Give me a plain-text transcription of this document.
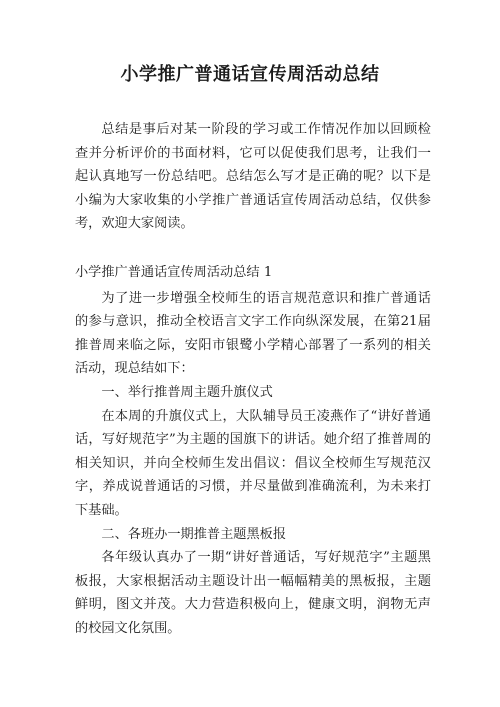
小学推广普通话宣传周活动总结

总结是事后对某一阶段的学习或工作情况作加以回顾检查并分析评价的书面材料，它可以促使我们思考，让我们一起认真地写一份总结吧。总结怎么写才是正确的呢？以下是小编为大家收集的小学推广普通话宣传周活动总结，仅供参考，欢迎大家阅读。

小学推广普通话宣传周活动总结 1

为了进一步增强全校师生的语言规范意识和推广普通话的参与意识，推动全校语言文字工作向纵深发展，在第21届推普周来临之际，安阳市银鹭小学精心部署了一系列的相关活动，现总结如下：

一、举行推普周主题升旗仪式

在本周的升旗仪式上，大队辅导员王凌燕作了“讲好普通话，写好规范字”为主题的国旗下的讲话。她介绍了推普周的相关知识，并向全校师生发出倡议：倡议全校师生写规范汉字，养成说普通话的习惯，并尽量做到准确流利，为未来打下基础。

二、各班办一期推普主题黑板报

各年级认真办了一期“讲好普通话，写好规范字”主题黑板报，大家根据活动主题设计出一幅幅精美的黑板报，主题鲜明，图文并茂。大力营造积极向上，健康文明，润物无声的校园文化氛围。
